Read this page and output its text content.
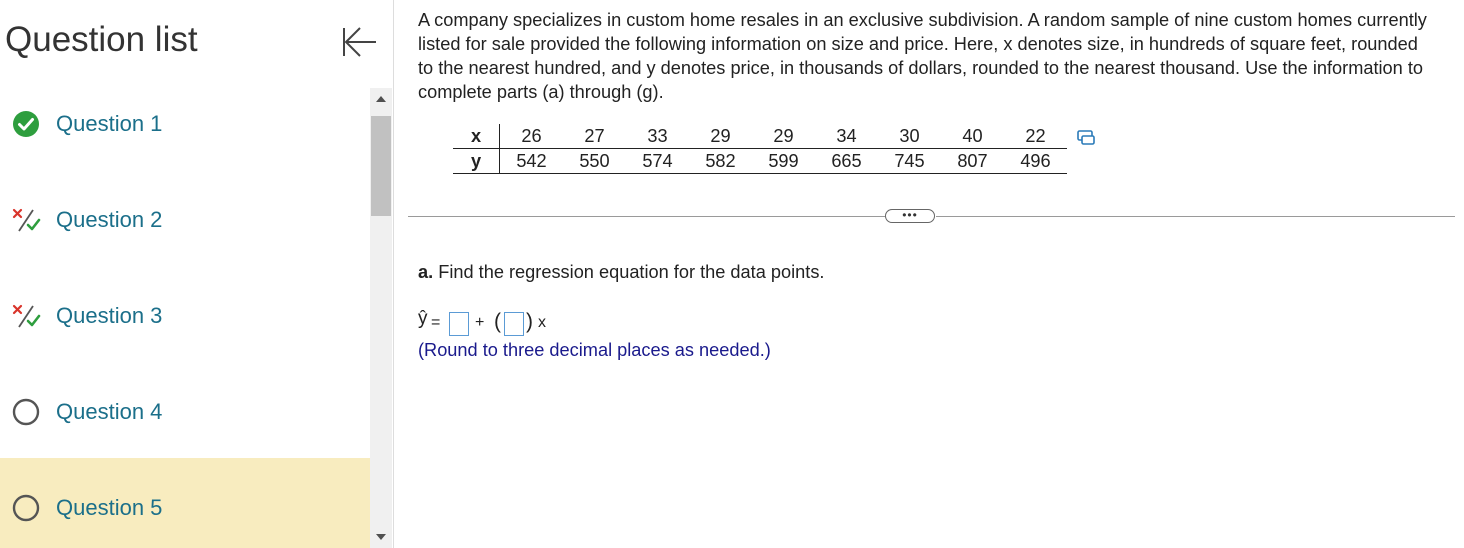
Question list
Question 1
Question 2
Question 3
Question 4
Question 5
A company specializes in custom home resales in an exclusive subdivision. A random sample of nine custom homes currently listed for sale provided the following information on size and price. Here, x denotes size, in hundreds of square feet, rounded to the nearest hundred, and y denotes price, in thousands of dollars, rounded to the nearest thousand. Use the information to complete parts (a) through (g).
x	26	27	33	29	29	34	30	40	22
y	542	550	574	582	599	665	745	807	496
•••
a. Find the regression equation for the data points.
ŷ = + ( ) x
(Round to three decimal places as needed.)
